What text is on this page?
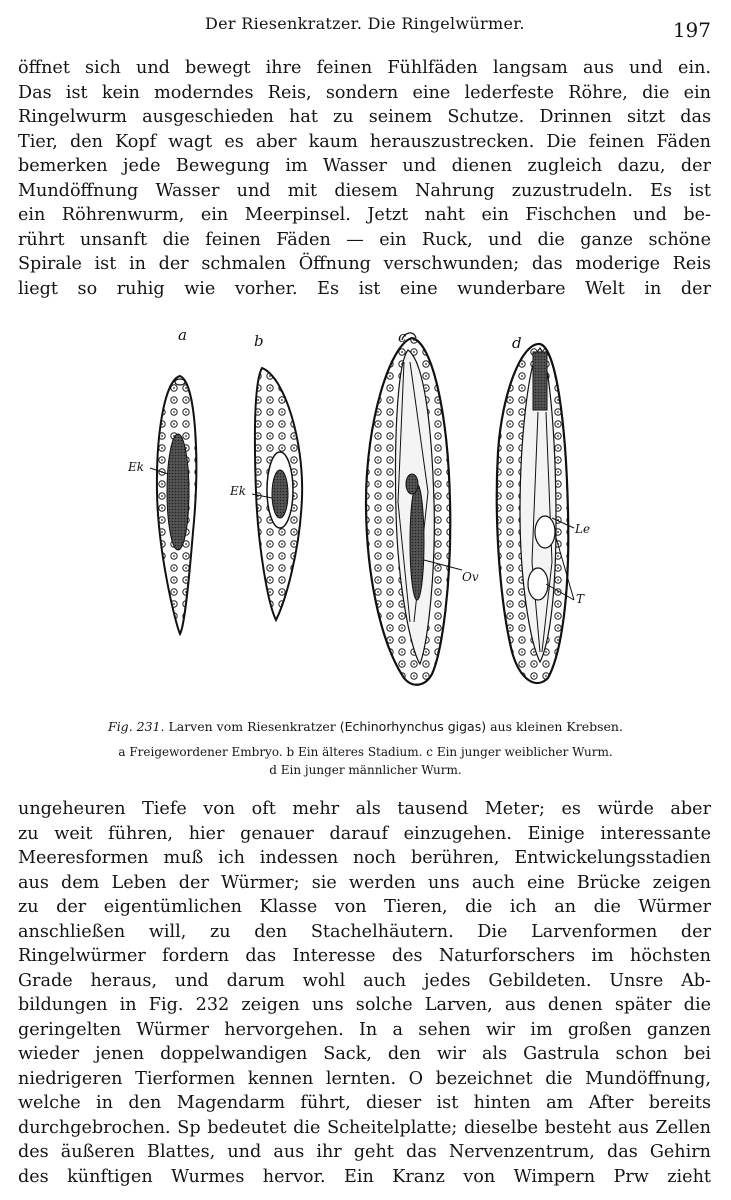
Der Riesenkratzer. Die Ringelwürmer.	197

öffnet sich und bewegt ihre feinen Fühlfäden langsam aus und ein.

Das ist kein moderndes Reis, sondern eine lederfeste Röhre, die ein

Ringelwurm ausgeschieden hat zu seinem Schutze. Drinnen sitzt das

Tier, den Kopf wagt es aber kaum herauszustrecken. Die feinen Fäden

bemerken jede Bewegung im Wasser und dienen zugleich dazu, der

Mundöffnung Wasser und mit diesem Nahrung zuzustrudeln. Es ist

ein Röhrenwurm, ein Meerpinsel. Jetzt naht ein Fischchen und be-

rührt unsanft die feinen Fäden — ein Ruck, und die ganze schöne

Spirale ist in der schmalen Öffnung verschwunden; das moderige Reis

liegt so ruhig wie vorher. Es ist eine wunderbare Welt in der

a	b	c	d
Ek
Ek
Ov
Le
T
Fig. 231. Larven vom Riesenkratzer (Echinorhynchus gigas) aus kleinen Krebsen.
a Freigewordener Embryo. b Ein älteres Stadium. c Ein junger weiblicher Wurm.
d Ein junger männlicher Wurm.

ungeheuren Tiefe von oft mehr als tausend Meter; es würde aber

zu weit führen, hier genauer darauf einzugehen. Einige interessante

Meeresformen muß ich indessen noch berühren, Entwickelungsstadien

aus dem Leben der Würmer; sie werden uns auch eine Brücke zeigen

zu der eigentümlichen Klasse von Tieren, die ich an die Würmer

anschließen will, zu den Stachelhäutern. Die Larvenformen der

Ringelwürmer fordern das Interesse des Naturforschers im höchsten

Grade heraus, und darum wohl auch jedes Gebildeten. Unsre Ab-

bildungen in Fig. 232 zeigen uns solche Larven, aus denen später die

geringelten Würmer hervorgehen. In a sehen wir im großen ganzen

wieder jenen doppelwandigen Sack, den wir als Gastrula schon bei

niedrigeren Tierformen kennen lernten. O bezeichnet die Mundöffnung,

welche in den Magendarm führt, dieser ist hinten am After bereits

durchgebrochen. Sp bedeutet die Scheitelplatte; dieselbe besteht aus Zellen

des äußeren Blattes, und aus ihr geht das Nervenzentrum, das Gehirn

des künftigen Wurmes hervor. Ein Kranz von Wimpern Prw zieht
